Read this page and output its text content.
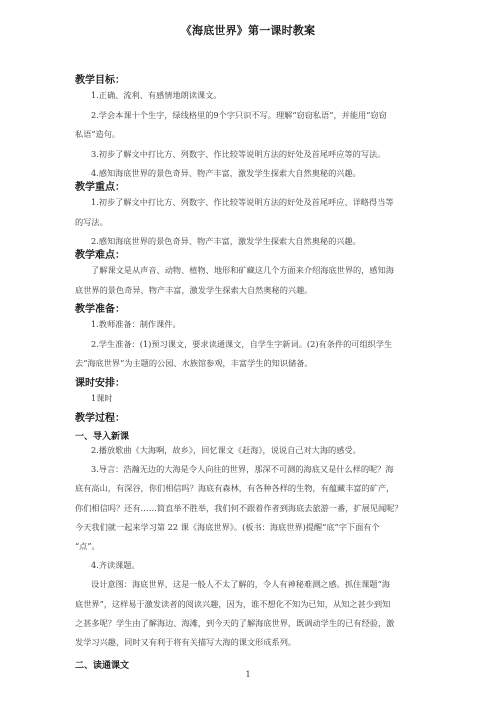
《海底世界》第一课时教案
教学目标：
1.正确、流利、有感情地朗读课文。
2.学会本课十个生字，绿线格里的9个字只识不写。理解“窃窃私语”，并能用“窃窃
私语”造句。
3.初步了解文中打比方、列数字、作比较等说明方法的好处及首尾呼应等的写法。
4.感知海底世界的景色奇异、物产丰富，激发学生探索大自然奥秘的兴趣。
教学重点：
1.初步了解文中打比方、列数字、作比较等说明方法的好处及首尾呼应、详略得当等
的写法。
2.感知海底世界的景色奇异、物产丰富，激发学生探索大自然奥秘的兴趣。
教学难点：
了解课文是从声音、动物、植物、地形和矿藏这几个方面来介绍海底世界的，感知海
底世界的景色奇异、物产丰富，激发学生探索大自然奥秘的兴趣。
教学准备：
1.教师准备：制作课件。
2.学生准备：(1)预习课文，要求读通课文，自学生字新词。(2)有条件的可组织学生
去“海底世界”为主题的公园、水族馆参观，丰富学生的知识储备。
课时安排：
1课时
教学过程：
一、导入新课
2.播放歌曲《大海啊，故乡》，回忆课文《赶海》，说说自己对大海的感受。
3.导言：浩瀚无边的大海是令人向往的世界，那深不可测的海底又是什么样的呢？海
底有高山，有深谷，你们相信吗？海底有森林，有各种各样的生物，有蕴藏丰富的矿产，
你们相信吗？还有……简直举不胜举，我们何不跟着作者到海底去旅游一番，扩展见闻呢？
今天我们就一起来学习第 22 课《海底世界》。(板书：海底世界)提醒“底”字下面有个
“点”。
4.齐读课题。
设计意图：海底世界，这是一般人不太了解的，令人有神秘难测之感。抓住课题“海
底世界”，这样易于激发读者的阅读兴趣，因为，谁不想化不知为已知，从知之甚少到知
之甚多呢？学生由了解海边、海滩，到今天的了解海底世界，既调动学生的已有经验，激
发学习兴趣，同时又有利于将有关描写大海的课文形成系列。
二、读通课文
1
